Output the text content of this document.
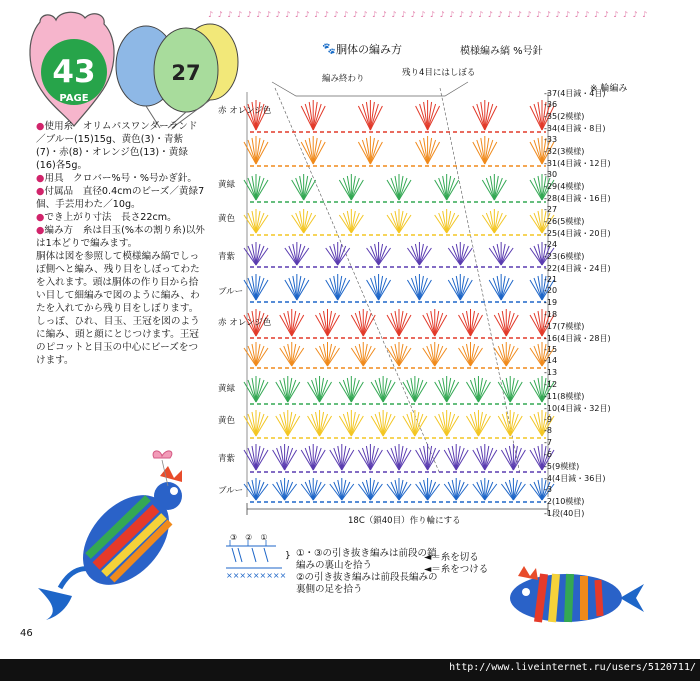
♪ ♪ ♪ ♪ ♪ ♪ ♪ ♪ ♪ ♪ ♪ ♪ ♪ ♪ ♪ ♪ ♪ ♪ ♪ ♪ ♪ ♪ ♪ ♪ ♪ ♪ ♪ ♪ ♪ ♪ ♪ ♪ ♪ ♪ ♪ ♪ ♪ ♪ ♪ ♪ ♪ ♪ ♪ ♪ ♪ ♪
43
PAGE
27
×××××××××
}

●使用糸　 オリムパスワンダーランド／ブルー(15)15g、黄色(3)・青紫(7)・赤(8)・オレンジ色(13)・黄緑(16)各5g。

●用具　 クロバー%号・%号かぎ針。

●付属品　 直径0.4cmのビーズ／黄緑7個、手芸用わた／10g。

●でき上がり寸法　 長さ22cm。

●編み方　 糸は目玉(%本の割り糸)以外は1本どりで編みます。

胴体は図を参照して模様編み縞でしっぽ側へと編み、残り目をしぼってわたを入れます。頭は胴体の作り目から拾い目して細編みで図のように編み、わたを入れてから残り目をしぼります。しっぽ、ひれ、目玉、王冠を図のように編み、頭と顔にとじつけます。王冠のピコットと目玉の中心にビーズをつけます。

🐾 胴体の編み方	模様編み縞 %号針
※ 輪編み
編み終わり
残り4目にはしぼる
18C（鎖40目）作り輪にする
-37(4目減・4目)
-36
-35(2模様)
-34(4目減・8目)
-33
-32(3模様)
-31(4目減・12目)
-30
-29(4模様)
-28(4目減・16目)
-27
-26(5模様)
-25(4目減・20目)
-24
-23(6模様)
-22(4目減・24目)
-21
-20
-19
-18
-17(7模様)
-16(4目減・28目)
-15
-14
-13
-12
-11(8模様)
-10(4目減・32目)
-9
-8
-7
-6
-5(9模様)
-4(4目減・36目)
-3
-2(10模様)
-1段(40目)
赤 オレンジ色
黄緑
黄色
青紫
ブルー
赤 オレンジ色
黄緑
黄色
青紫
ブルー
③②①
①・③の引き抜き編みは前段の鎖編みの裏山を拾う
②の引き抜き編みは前段長編みの裏側の足を拾う
◄＝糸を切る
◄＝糸をつける
46
http://www.liveinternet.ru/users/5120711/
